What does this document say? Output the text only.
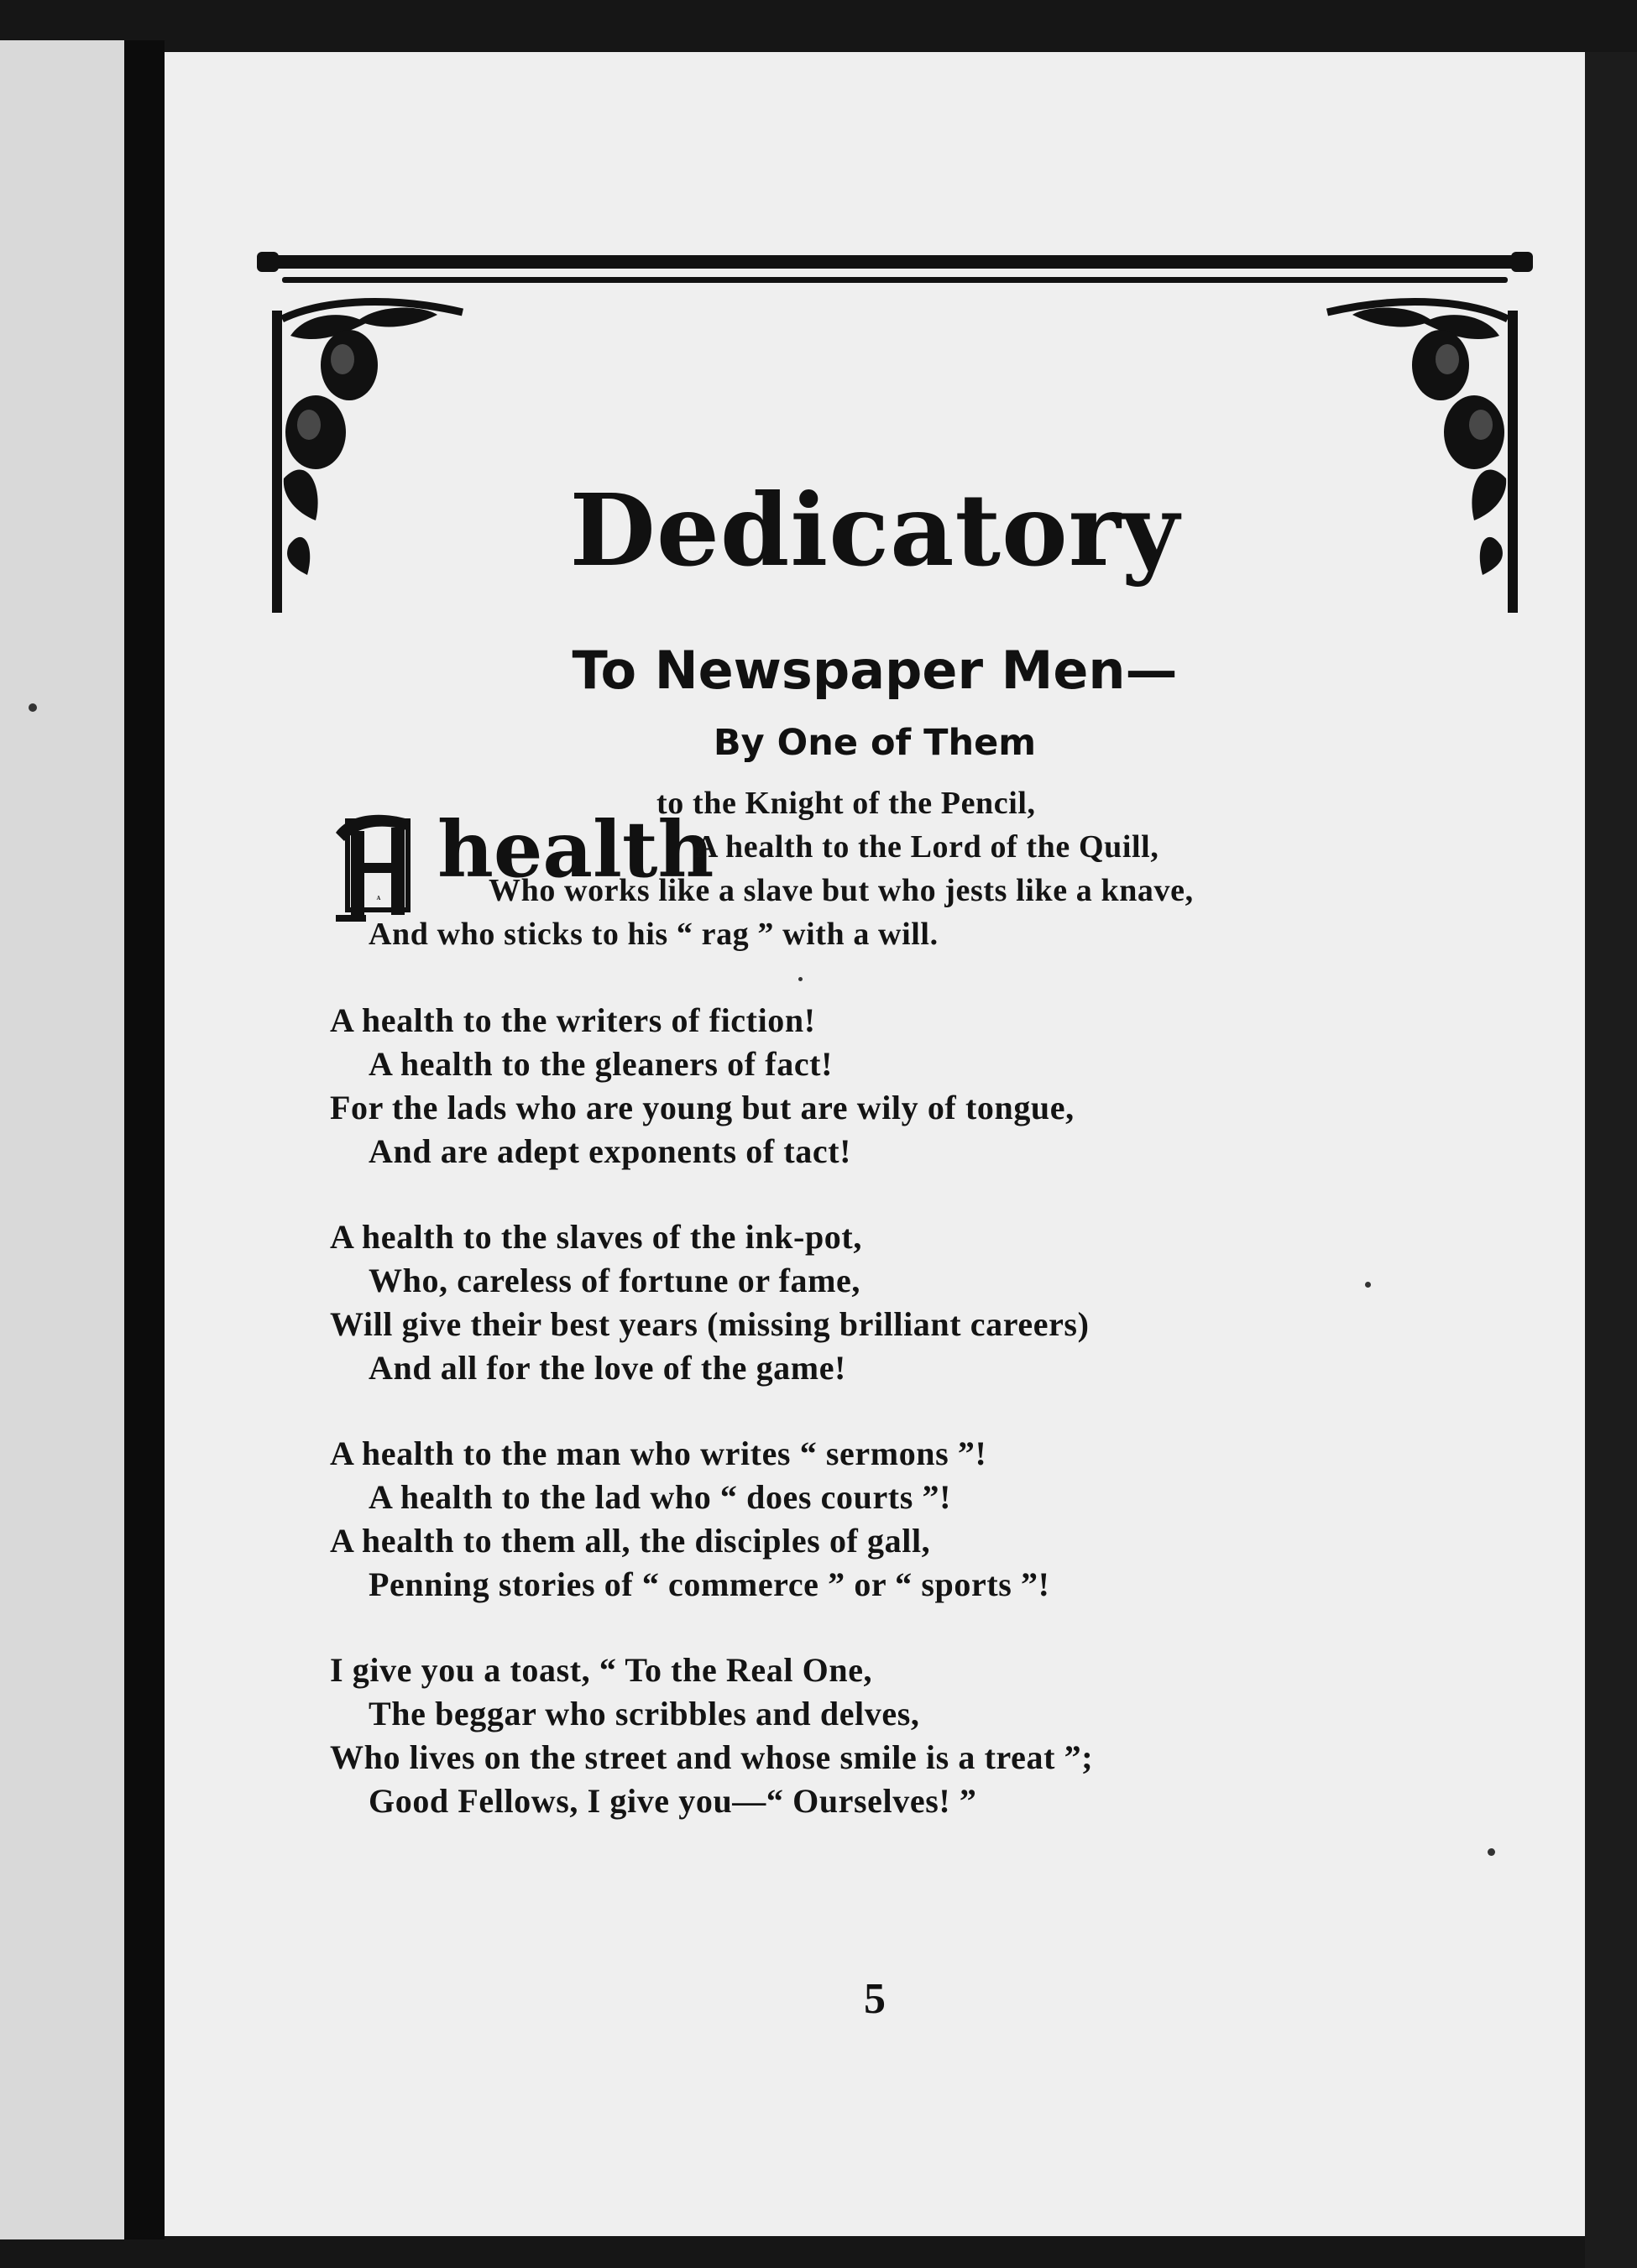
Dedicatory
To Newspaper Men—
By One of Them
A
health
to the Knight of the Pencil,
A health to the Lord of the Quill,
Who works like a slave but who jests like a knave,
And who sticks to his “ rag ” with a will.
A health to the writers of fiction!
A health to the gleaners of fact!
For the lads who are young but are wily of tongue,
And are adept exponents of tact!
A health to the slaves of the ink-pot,
Who, careless of fortune or fame,
Will give their best years (missing brilliant careers)
And all for the love of the game!
A health to the man who writes “ sermons ”!
A health to the lad who “ does courts ”!
A health to them all, the disciples of gall,
Penning stories of “ commerce ” or “ sports ”!
I give you a toast, “ To the Real One,
The beggar who scribbles and delves,
Who lives on the street and whose smile is a treat ”;
Good Fellows, I give you—“ Ourselves! ”
5
